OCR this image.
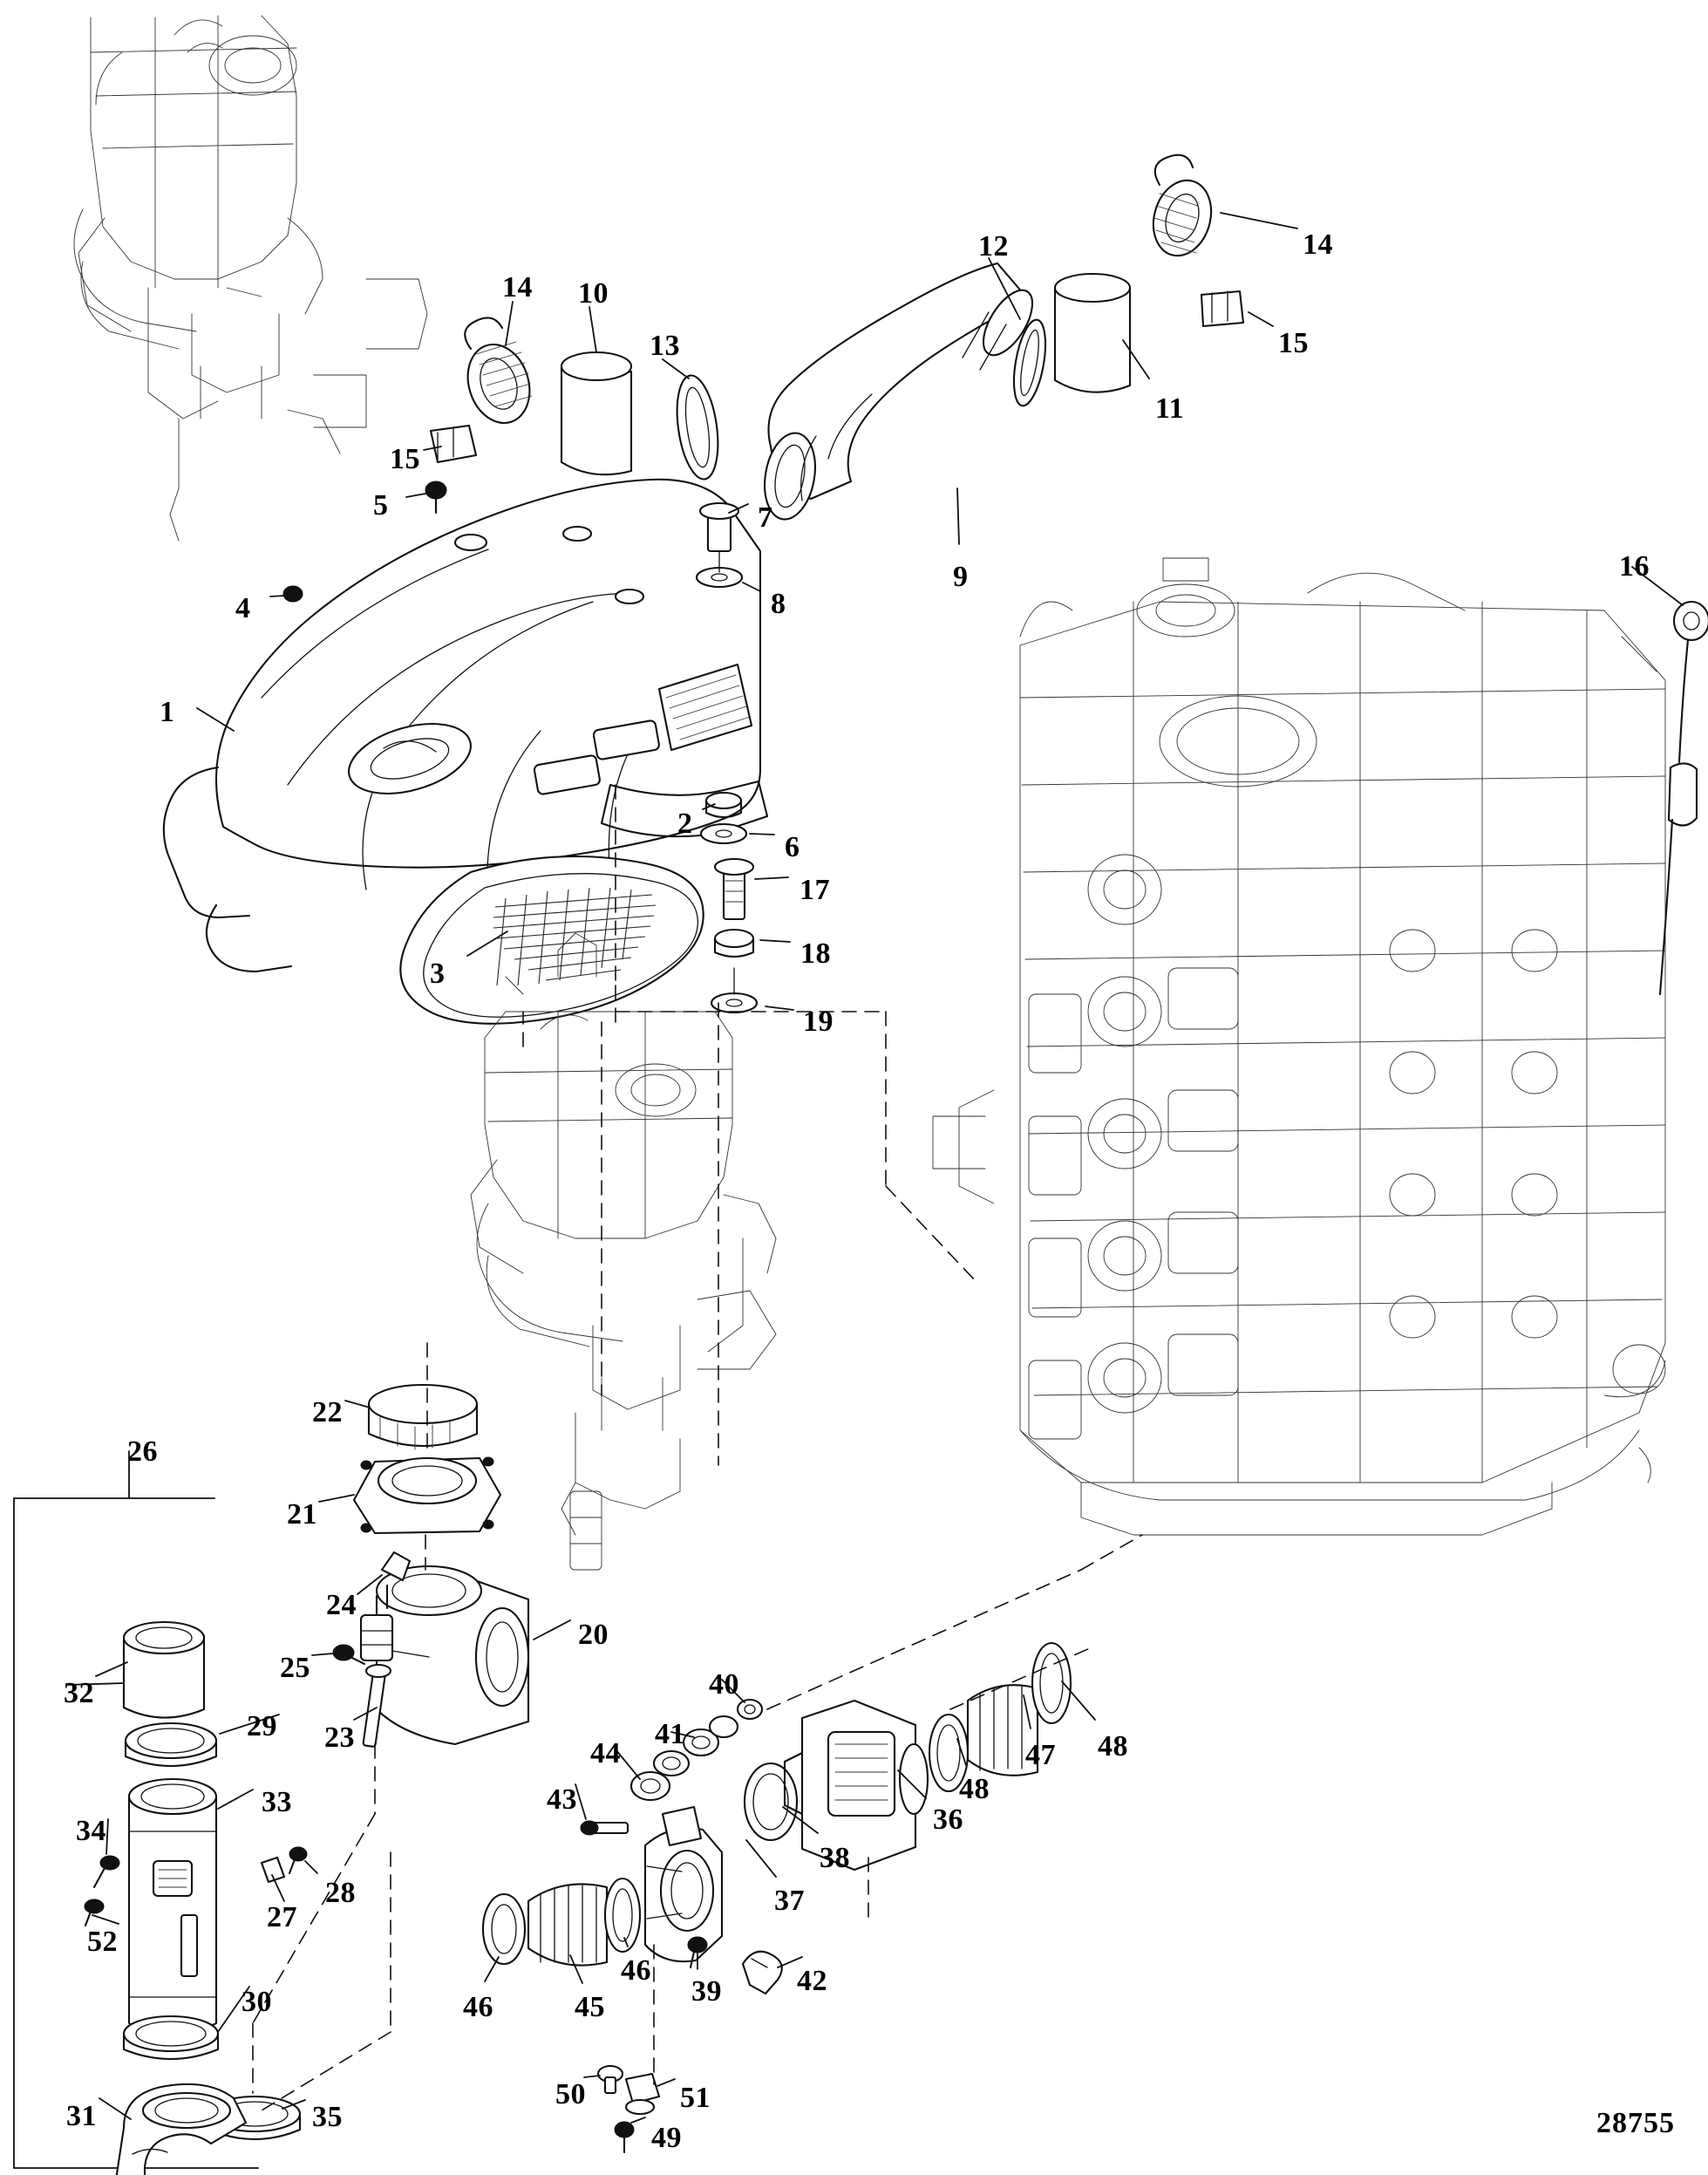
1
2
3
4
5
6
7
8
9
10
11
12
13
14
14
15
15
16
17
18
19
20
21
22
23
24
25
26
27
28
29
30
31
32
33
34
35
36
37
38
39
40
41
42
43
44
45
46
46
47
48
48
49
50	51
52
28755
